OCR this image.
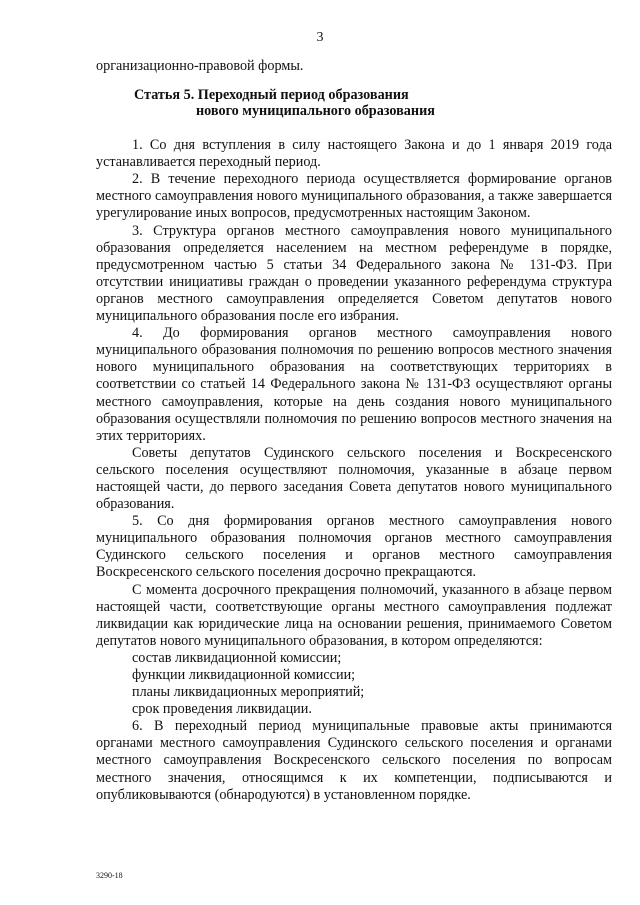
3

организационно-правовой формы.

Статья 5. Переходный период образования
нового муниципального образования

1. Со дня вступления в силу настоящего Закона и до 1 января 2019 года устанавливается переходный период.

2. В течение переходного периода осуществляется формирование органов местного самоуправления нового муниципального образования, а также завершается урегулирование иных вопросов, предусмотренных настоящим Законом.

3. Структура органов местного самоуправления нового муниципального образования определяется населением на местном референдуме в порядке, предусмотренном частью 5 статьи 34 Федерального закона № 131-ФЗ. При отсутствии инициативы граждан о проведении указанного референдума структура органов местного самоуправления определяется Советом депутатов нового муниципального образования после его избрания.

4. До формирования органов местного самоуправления нового муниципального образования полномочия по решению вопросов местного значения нового муниципального образования на соответствующих территориях в соответствии со статьей 14 Федерального закона № 131-ФЗ осуществляют органы местного самоуправления, которые на день создания нового муниципального образования осуществляли полномочия по решению вопросов местного значения на этих территориях.

Советы депутатов Судинского сельского поселения и Воскресенского сельского поселения осуществляют полномочия, указанные в абзаце первом настоящей части, до первого заседания Совета депутатов нового муниципального образования.

5. Со дня формирования органов местного самоуправления нового муниципального образования полномочия органов местного самоуправления Судинского сельского поселения и органов местного самоуправления Воскресенского сельского поселения досрочно прекращаются.

С момента досрочного прекращения полномочий, указанного в абзаце первом настоящей части, соответствующие органы местного самоуправления подлежат ликвидации как юридические лица на основании решения, принимаемого Советом депутатов нового муниципального образования, в котором определяются:

состав ликвидационной комиссии;
функции ликвидационной комиссии;
планы ликвидационных мероприятий;
срок проведения ликвидации.

6. В переходный период муниципальные правовые акты принимаются органами местного самоуправления Судинского сельского поселения и органами местного самоуправления Воскресенского сельского поселения по вопросам местного значения, относящимся к их компетенции, подписываются и опубликовываются (обнародуются) в установленном порядке.

3290-18
